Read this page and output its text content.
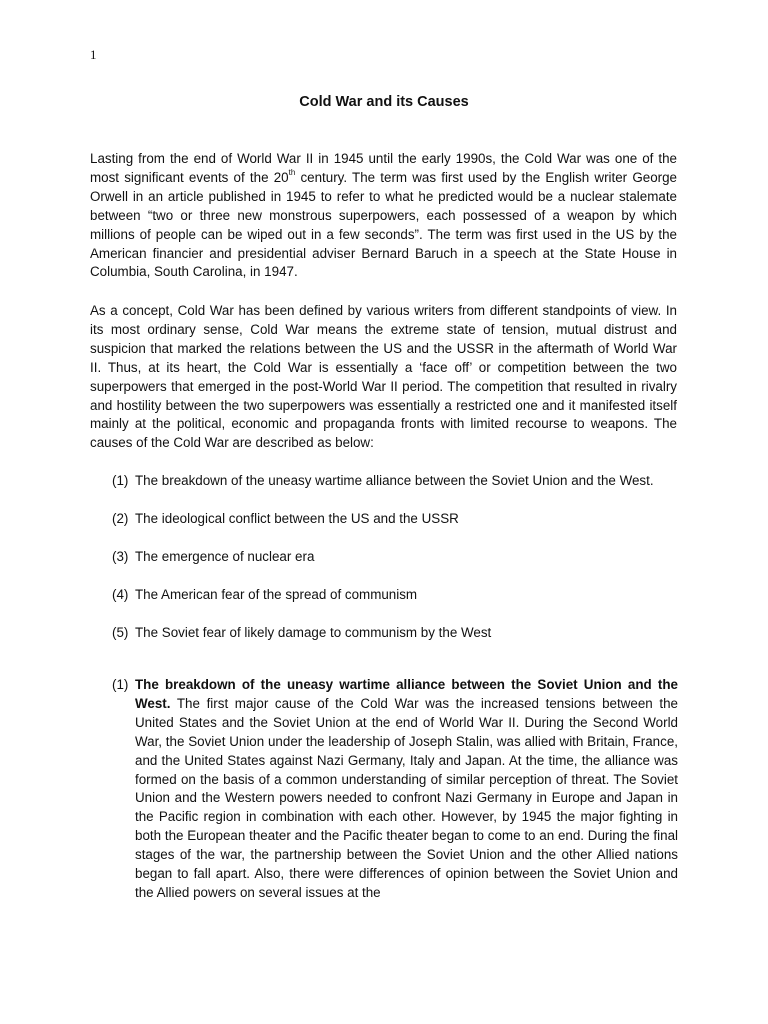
1
Cold War and its Causes

Lasting from the end of World War II in 1945 until the early 1990s, the Cold War was one of the most significant events of the 20th century. The term was first used by the English writer George Orwell in an article published in 1945 to refer to what he predicted would be a nuclear stalemate between “two or three new monstrous superpowers, each possessed of a weapon by which millions of people can be wiped out in a few seconds”. The term was first used in the US by the American financier and presidential adviser Bernard Baruch in a speech at the State House in Columbia, South Carolina, in 1947.

As a concept, Cold War has been defined by various writers from different standpoints of view. In its most ordinary sense, Cold War means the extreme state of tension, mutual distrust and suspicion that marked the relations between the US and the USSR in the aftermath of World War II. Thus, at its heart, the Cold War is essentially a ‘face off’ or competition between the two superpowers that emerged in the post-World War II period. The competition that resulted in rivalry and hostility between the two superpowers was essentially a restricted one and it manifested itself mainly at the political, economic and propaganda fronts with limited recourse to weapons. The causes of the Cold War are described as below:

(1) The breakdown of the uneasy wartime alliance between the Soviet Union and the West.
(2) The ideological conflict between the US and the USSR
(3) The emergence of nuclear era
(4) The American fear of the spread of communism
(5) The Soviet fear of likely damage to communism by the West
(1) The breakdown of the uneasy wartime alliance between the Soviet Union and the West. The first major cause of the Cold War was the increased tensions between the United States and the Soviet Union at the end of World War II. During the Second World War, the Soviet Union under the leadership of Joseph Stalin, was allied with Britain, France, and the United States against Nazi Germany, Italy and Japan. At the time, the alliance was formed on the basis of a common understanding of similar perception of threat. The Soviet Union and the Western powers needed to confront Nazi Germany in Europe and Japan in the Pacific region in combination with each other. However, by 1945 the major fighting in both the European theater and the Pacific theater began to come to an end. During the final stages of the war, the partnership between the Soviet Union and the other Allied nations began to fall apart. Also, there were differences of opinion between the Soviet Union and the Allied powers on several issues at the
